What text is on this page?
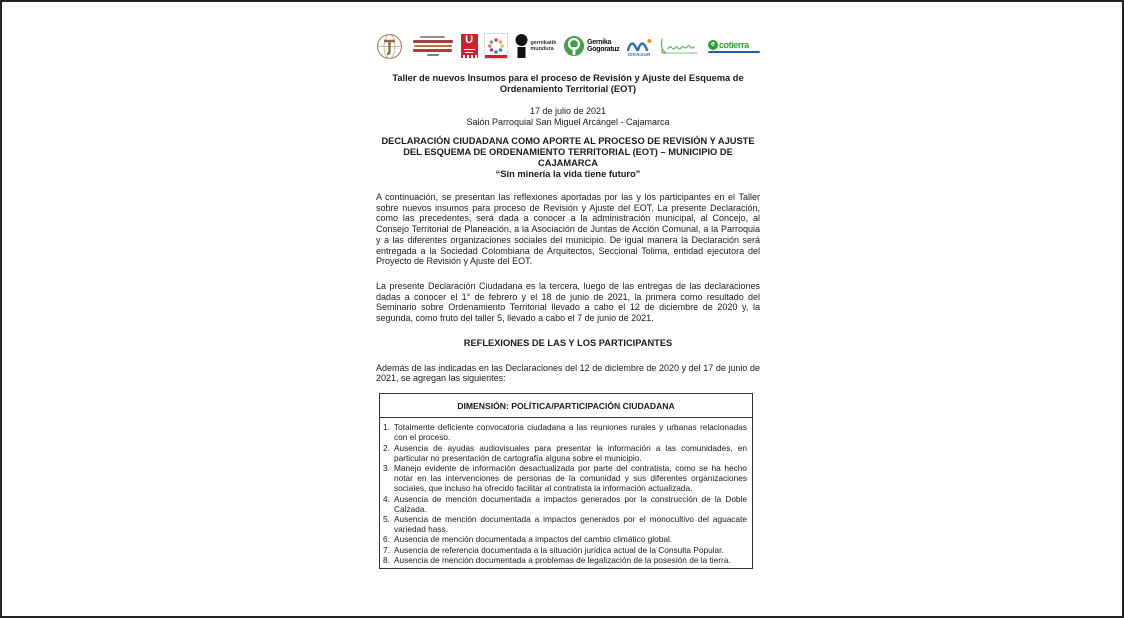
U	gernikatik
mundura
Gernika
Gogoratuz
IDENSUR
e cotierra

Taller de nuevos Insumos para el proceso de Revisión y Ajuste del Esquema de Ordenamiento Territorial (EOT)

17 de julio de 2021
Salón Parroquial San Miguel Arcángel - Cajamarca

DECLARACIÓN CIUDADANA COMO APORTE AL PROCESO DE REVISIÓN Y AJUSTE DEL ESQUEMA DE ORDENAMIENTO TERRITORIAL (EOT) – MUNICIPIO DE CAJAMARCA

“Sin minería la vida tiene futuro”

A continuación, se presentan las reflexiones aportadas por las y los participantes en el Taller sobre nuevos insumos para proceso de Revisión y Ajuste del EOT. La presente Declaración, como las precedentes, será dada a conocer a la administración municipal, al Concejo, al Consejo Territorial de Planeación, a la Asociación de Juntas de Acción Comunal, a la Parroquia y a las diferentes organizaciones sociales del municipio. De igual manera la Declaración será entregada a la Sociedad Colombiana de Arquitectos, Seccional Tolima, entidad ejecutora del Proyecto de Revisión y Ajuste del EOT.

La presente Declaración Ciudadana es la tercera, luego de las entregas de las declaraciones dadas a conocer el 1° de febrero y el 18 de junio de 2021, la primera como resultado del Seminario sobre Ordenamiento Territorial llevado a cabo el 12 de diciembre de 2020 y, la segunda, como fruto del taller 5, llevado a cabo el 7 de junio de 2021.

REFLEXIONES DE LAS Y LOS PARTICIPANTES

Además de las indicadas en las Declaraciones del 12 de diciembre de 2020 y del 17 de junio de 2021, se agregan las siguientes:

DIMENSIÓN: POLÍTICA/PARTICIPACIÓN CIUDADANA
1. Totalmente deficiente convocatoria ciudadana a las reuniones rurales y urbanas relacionadas con el proceso.
2. Ausencia de ayudas audiovisuales para presentar la información a las comunidades, en particular no presentación de cartografía alguna sobre el municipio.
3. Manejo evidente de información desactualizada por parte del contratista, como se ha hecho notar en las intervenciones de personas de la comunidad y sus diferentes organizaciones sociales, que incluso ha ofrecido facilitar al contratista la información actualizada.
4. Ausencia de mención documentada a impactos generados por la construcción de la Doble Calzada.
5. Ausencia de mención documentada a impactos generados por el monocultivo del aguacate variedad hass.
6. Ausencia de mención documentada a impactos del cambio climático global.
7. Ausencia de referencia documentada a la situación jurídica actual de la Consulta Popular.
8. Ausencia de mención documentada a problemas de legalización de la posesión de la tierra.
